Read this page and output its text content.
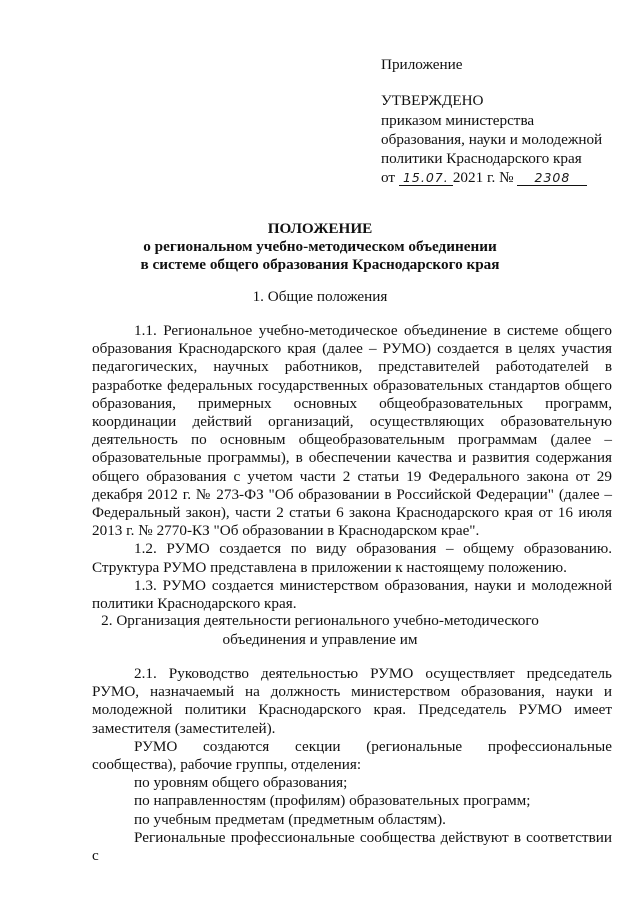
Приложение
УТВЕРЖДЕНО
приказом министерства
образования, науки и молодежной
политики Краснодарского края
от 15.07. 2021 г. № 2308
ПОЛОЖЕНИЕ
о региональном учебно-методическом объединении
в системе общего образования Краснодарского края
1. Общие положения
1.1. Региональное учебно-методическое объединение в системе общего образования Краснодарского края (далее – РУМО) создается в целях участия педагогических, научных работников, представителей работодателей в разработке федеральных государственных образовательных стандартов общего образования, примерных основных общеобразовательных программ, координации действий организаций, осуществляющих образовательную деятельность по основным общеобразовательным программам (далее – образовательные программы), в обеспечении качества и развития содержания общего образования с учетом части 2 статьи 19 Федерального закона от 29 декабря 2012 г. № 273-ФЗ "Об образовании в Российской Федерации" (далее – Федеральный закон), части 2 статьи 6 закона Краснодарского края от 16 июля 2013 г. № 2770-КЗ "Об образовании в Краснодарском крае".
1.2. РУМО создается по виду образования – общему образованию. Структура РУМО представлена в приложении к настоящему положению.
1.3. РУМО создается министерством образования, науки и молодежной политики Краснодарского края.
2. Организация деятельности регионального учебно-методического
объединения и управление им
2.1. Руководство деятельностью РУМО осуществляет председатель РУМО, назначаемый на должность министерством образования, науки и молодежной политики Краснодарского края. Председатель РУМО имеет заместителя (заместителей).
РУМО создаются секции (региональные профессиональные сообщества), рабочие группы, отделения:
по уровням общего образования;
по направленностям (профилям) образовательных программ;
по учебным предметам (предметным областям).
Региональные профессиональные сообщества действуют в соответствии с
